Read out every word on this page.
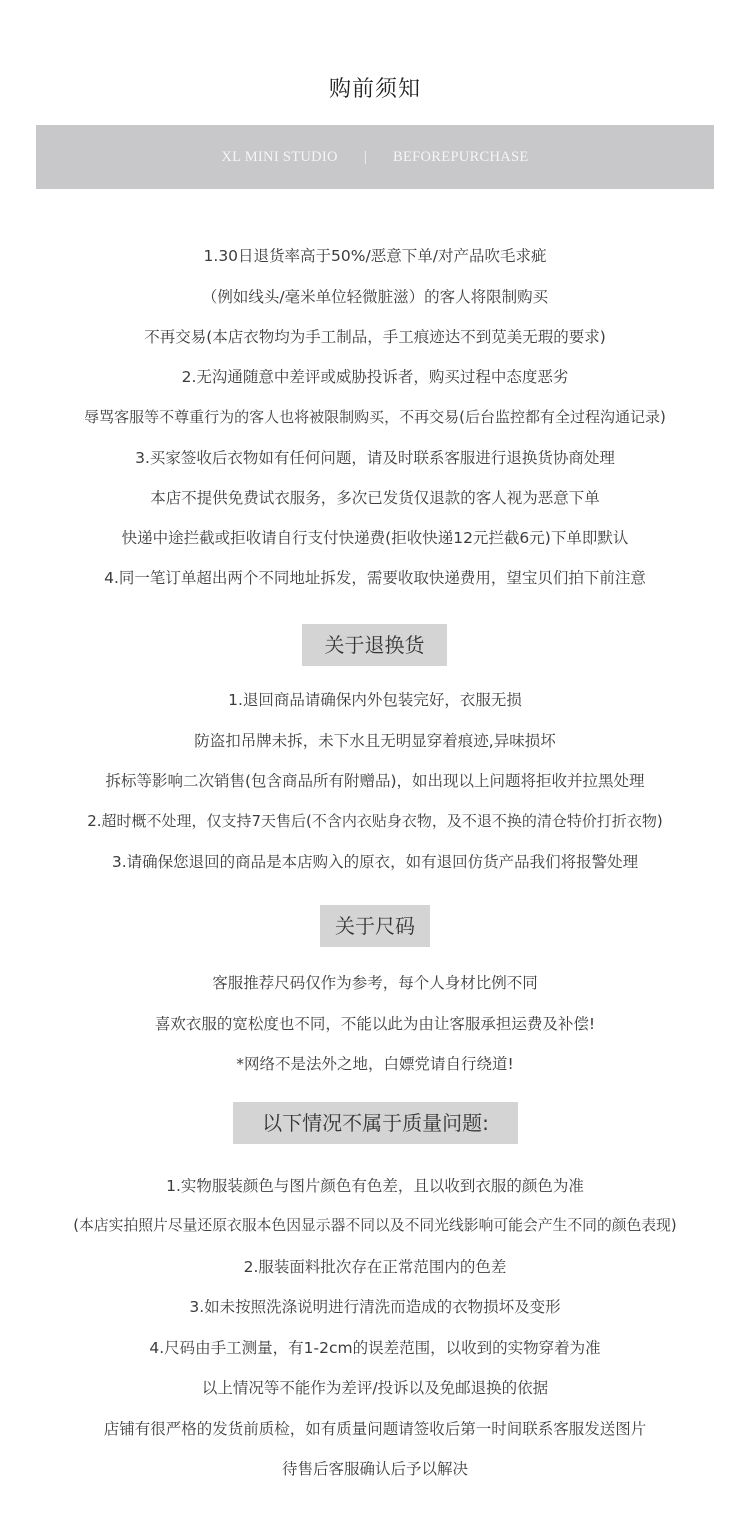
购前须知
XL MINI STUDIO | BEFOREPURCHASE
1.30日退货率高于50%/恶意下单/对产品吹毛求疵
（例如线头/毫米单位轻微脏滋）的客人将限制购买
不再交易(本店衣物均为手工制品，手工痕迹达不到苋美无瑕的要求)
2.无沟通随意中差评或威胁投诉者，购买过程中态度恶劣
辱骂客服等不尊重行为的客人也将被限制购买，不再交易(后台监控都有全过程沟通记录)
3.买家签收后衣物如有任何问题，请及时联系客服进行退换货协商处理
本店不提供免费试衣服务，多次已发货仅退款的客人视为恶意下单
快递中途拦截或拒收请自行支付快递费(拒收快递12元拦截6元)下单即默认
4.同一笔订单超出两个不同地址拆发，需要收取快递费用，望宝贝们拍下前注意
关于退换货
1.退回商品请确保内外包装完好，衣服无损
防盗扣吊牌未拆，未下水且无明显穿着痕迹,异味损坏
拆标等影响二次销售(包含商品所有附赠品)，如出现以上问题将拒收并拉黑处理
2.超时概不处理，仅支持7天售后(不含内衣贴身衣物，及不退不换的清仓特价打折衣物)
3.请确保您退回的商品是本店购入的原衣，如有退回仿货产品我们将报警处理
关于尺码
客服推荐尺码仅作为参考，每个人身材比例不同
喜欢衣服的宽松度也不同，不能以此为由让客服承担运费及补偿!
*网络不是法外之地，白嫖党请自行绕道!
以下情况不属于质量问题:
1.实物服装颜色与图片颜色有色差，且以收到衣服的颜色为准
(本店实拍照片尽量还原衣服本色因显示器不同以及不同光线影响可能会产生不同的颜色表现)
2.服装面料批次存在正常范围内的色差
3.如未按照洗涤说明进行清洗而造成的衣物损坏及变形
4.尺码由手工测量，有1-2cm的误差范围，以收到的实物穿着为准
以上情况等不能作为差评/投诉以及免邮退换的依据
店铺有很严格的发货前质检，如有质量问题请签收后第一时间联系客服发送图片
待售后客服确认后予以解决
